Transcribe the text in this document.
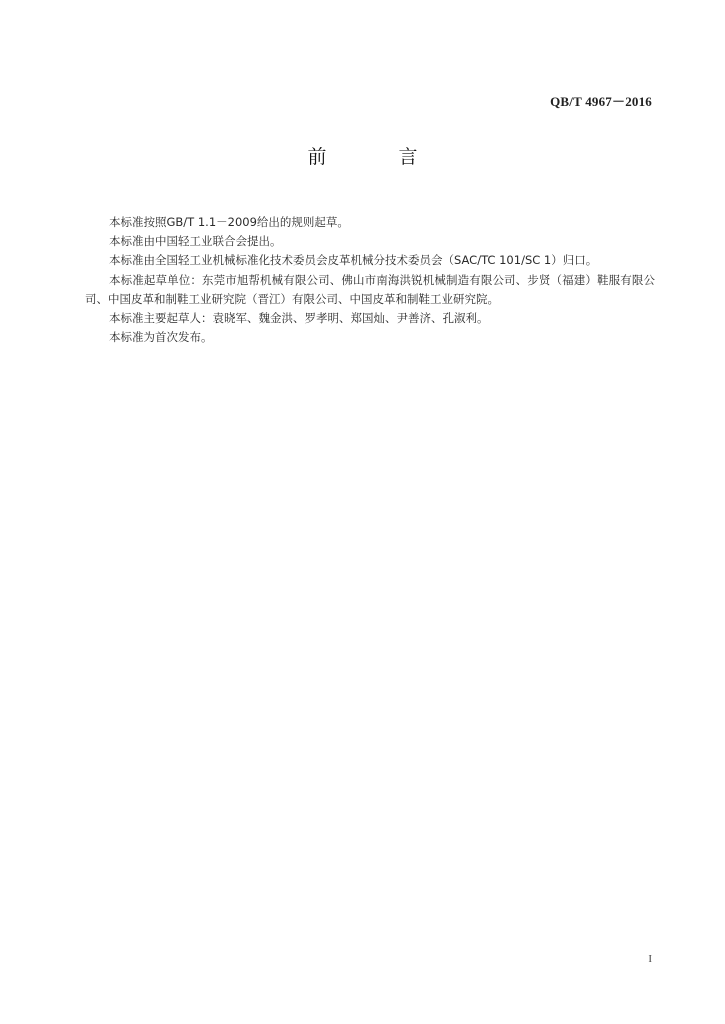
QB/T 4967－2016
前 言

本标准按照GB/T 1.1－2009给出的规则起草。

本标准由中国轻工业联合会提出。

本标准由全国轻工业机械标准化技术委员会皮革机械分技术委员会（SAC/TC 101/SC 1）归口。

本标准起草单位：东莞市旭帮机械有限公司、佛山市南海洪锐机械制造有限公司、步贤（福建）鞋服有限公司、中国皮革和制鞋工业研究院（晋江）有限公司、中国皮革和制鞋工业研究院。

本标准主要起草人：袁晓军、魏金洪、罗孝明、郑国灿、尹善济、孔淑利。

本标准为首次发布。

I
